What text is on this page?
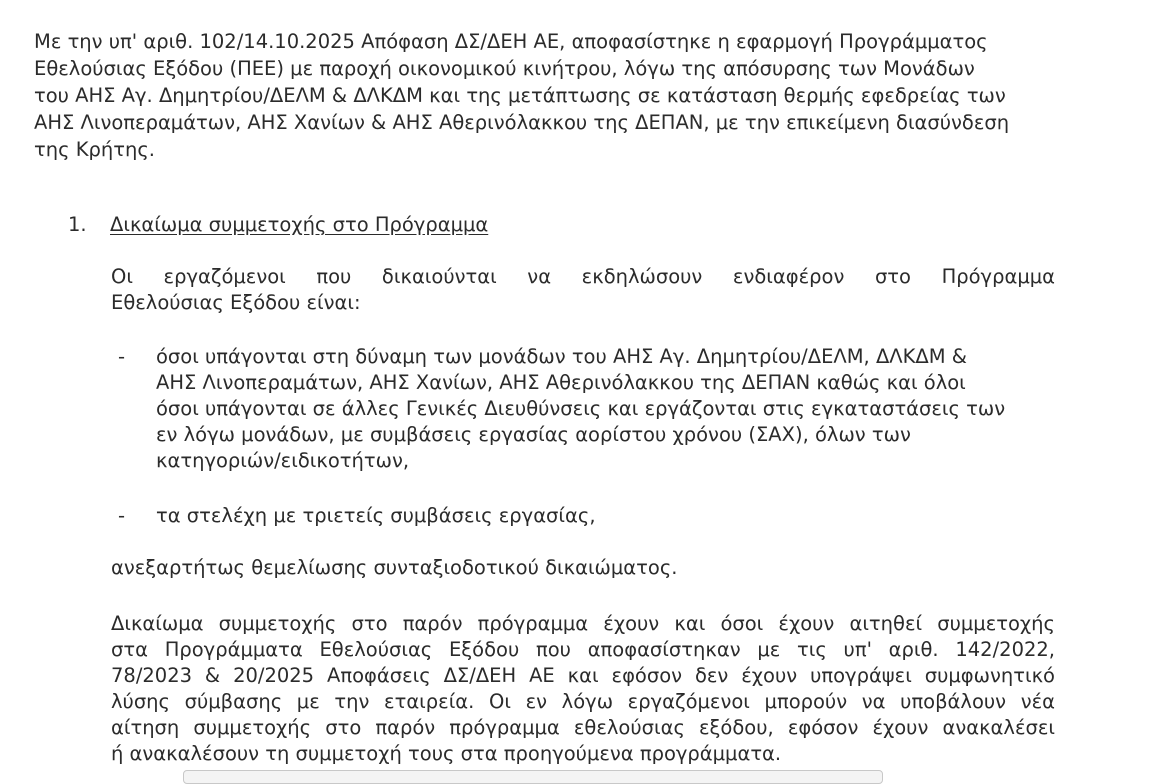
Με την υπ' αριθ. 102/14.10.2025 Απόφαση ΔΣ/ΔΕΗ ΑΕ, αποφασίστηκε η εφαρμογή Προγράμματος
Εθελούσιας Εξόδου (ΠΕΕ) με παροχή οικονομικού κινήτρου, λόγω της απόσυρσης των Μονάδων
του ΑΗΣ Αγ. Δημητρίου/ΔΕΛΜ & ΔΛΚΔΜ και της μετάπτωσης σε κατάσταση θερμής εφεδρείας των
ΑΗΣ Λινοπεραμάτων, ΑΗΣ Χανίων & ΑΗΣ Αθερινόλακκου της ΔΕΠΑΝ, με την επικείμενη διασύνδεση
της Κρήτης.

1. Δικαίωμα συμμετοχής στο Πρόγραμμα

Οι εργαζόμενοι που δικαιούνται να εκδηλώσουν ενδιαφέρον στο Πρόγραμμα
Εθελούσιας Εξόδου είναι:

- όσοι υπάγονται στη δύναμη των μονάδων του ΑΗΣ Αγ. Δημητρίου/ΔΕΛΜ, ΔΛΚΔΜ &
ΑΗΣ Λινοπεραμάτων, ΑΗΣ Χανίων, ΑΗΣ Αθερινόλακκου της ΔΕΠΑΝ καθώς και όλοι
όσοι υπάγονται σε άλλες Γενικές Διευθύνσεις και εργάζονται στις εγκαταστάσεις των
εν λόγω μονάδων, με συμβάσεις εργασίας αορίστου χρόνου (ΣΑΧ), όλων των
κατηγοριών/ειδικοτήτων,
- τα στελέχη με τριετείς συμβάσεις εργασίας,

ανεξαρτήτως θεμελίωσης συνταξιοδοτικού δικαιώματος.

Δικαίωμα συμμετοχής στο παρόν πρόγραμμα έχουν και όσοι έχουν αιτηθεί συμμετοχής
στα Προγράμματα Εθελούσιας Εξόδου που αποφασίστηκαν με τις υπ' αριθ. 142/2022,
78/2023 & 20/2025 Αποφάσεις ΔΣ/ΔΕΗ ΑΕ και εφόσον δεν έχουν υπογράψει συμφωνητικό
λύσης σύμβασης με την εταιρεία. Οι εν λόγω εργαζόμενοι μπορούν να υποβάλουν νέα
αίτηση συμμετοχής στο παρόν πρόγραμμα εθελούσιας εξόδου, εφόσον έχουν ανακαλέσει
ή ανακαλέσουν τη συμμετοχή τους στα προηγούμενα προγράμματα.
